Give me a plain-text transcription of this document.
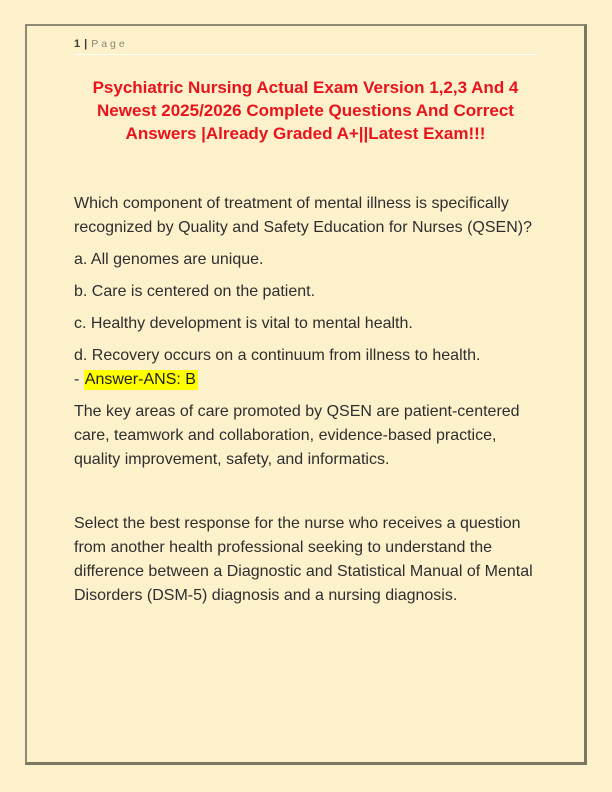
1 | Page
Psychiatric Nursing Actual Exam Version 1,2,3 And 4
Newest 2025/2026 Complete Questions And Correct
Answers |Already Graded A+||Latest Exam!!!

Which component of treatment of mental illness is specifically recognized by Quality and Safety Education for Nurses (QSEN)?

a. All genomes are unique.

b. Care is centered on the patient.

c. Healthy development is vital to mental health.

d. Recovery occurs on a continuum from illness to health.
- Answer-ANS: B

The key areas of care promoted by QSEN are patient-centered care, teamwork and collaboration, evidence-based practice, quality improvement, safety, and informatics.

Select the best response for the nurse who receives a question from another health professional seeking to understand the difference between a Diagnostic and Statistical Manual of Mental Disorders (DSM-5) diagnosis and a nursing diagnosis.
